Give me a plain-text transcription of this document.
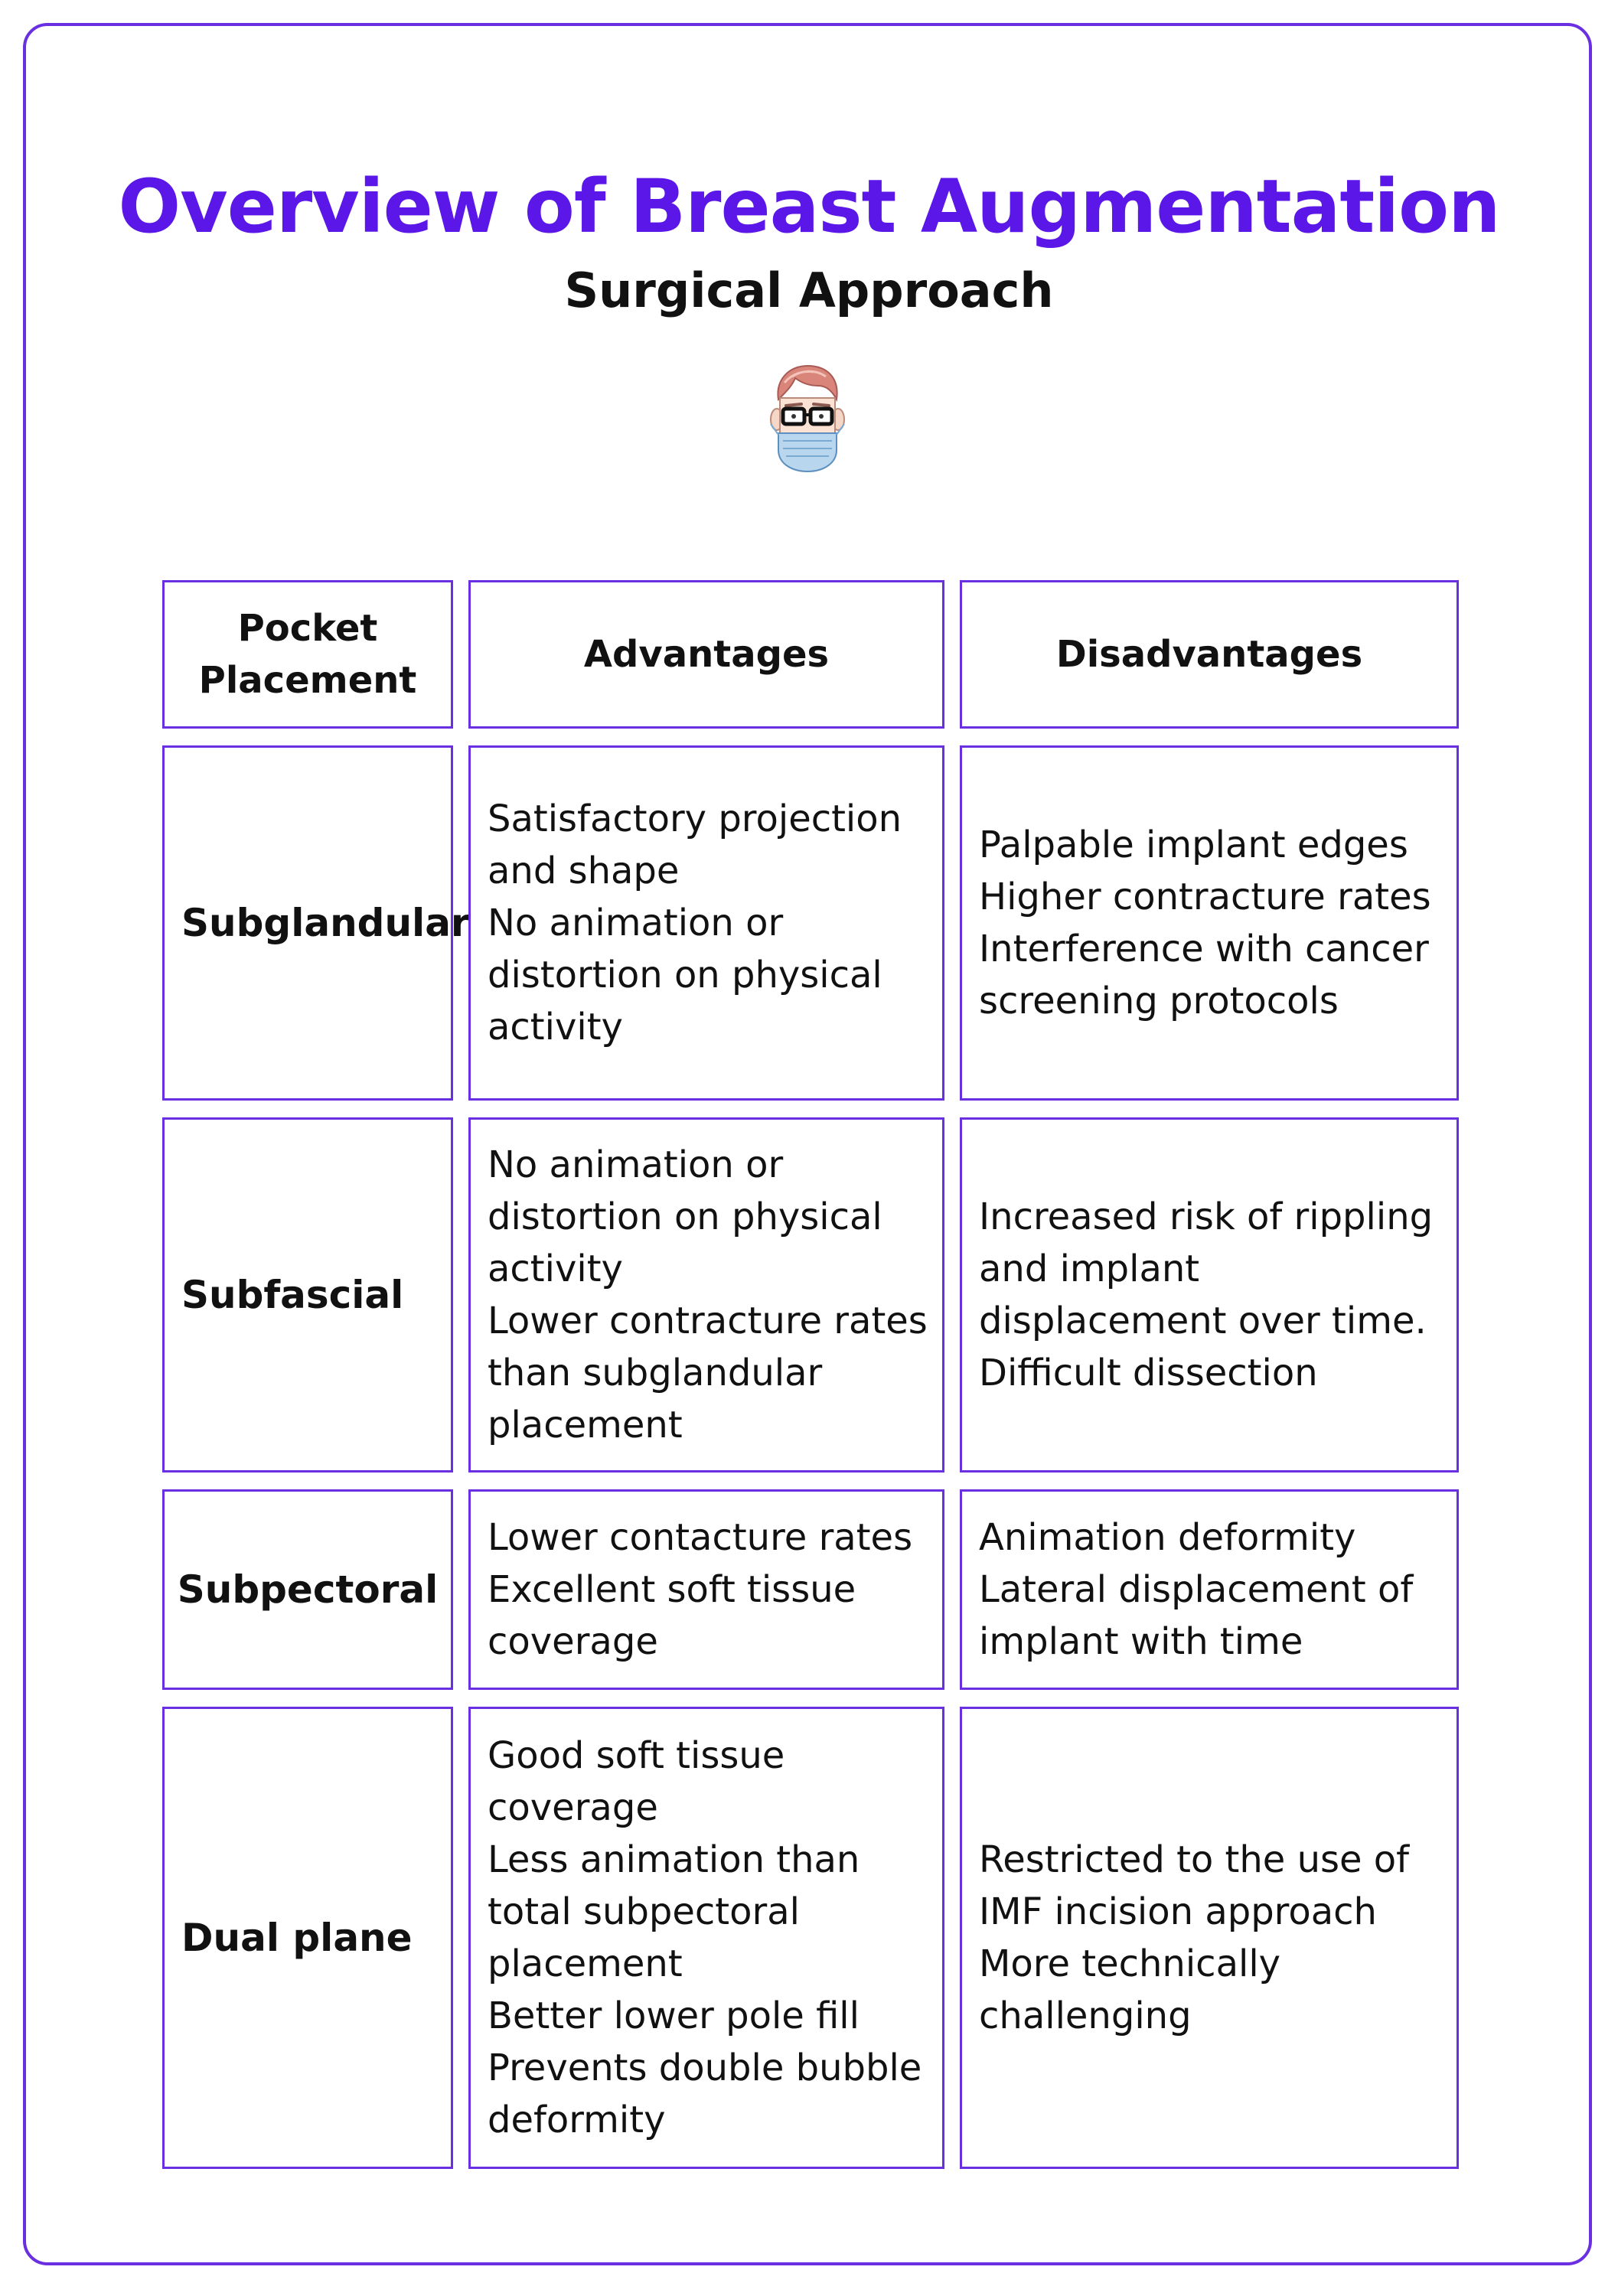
Overview of Breast Augmentation
Surgical Approach
Pocket
Placement
Advantages	Disadvantages
Subglandular
Satisfactory projection
and shape
No animation or
distortion on physical
activity
Palpable implant edges
Higher contracture rates
Interference with cancer
screening protocols
Subfascial
No animation or
distortion on physical
activity
Lower contracture rates
than subglandular
placement
Increased risk of rippling
and implant
displacement over time.
Difficult dissection
Subpectoral
Lower contacture rates
Excellent soft tissue
coverage
Animation deformity
Lateral displacement of
implant with time
Dual plane
Good soft tissue
coverage
Less animation than
total subpectoral
placement
Better lower pole fill
Prevents double bubble
deformity
Restricted to the use of
IMF incision approach
More technically
challenging
